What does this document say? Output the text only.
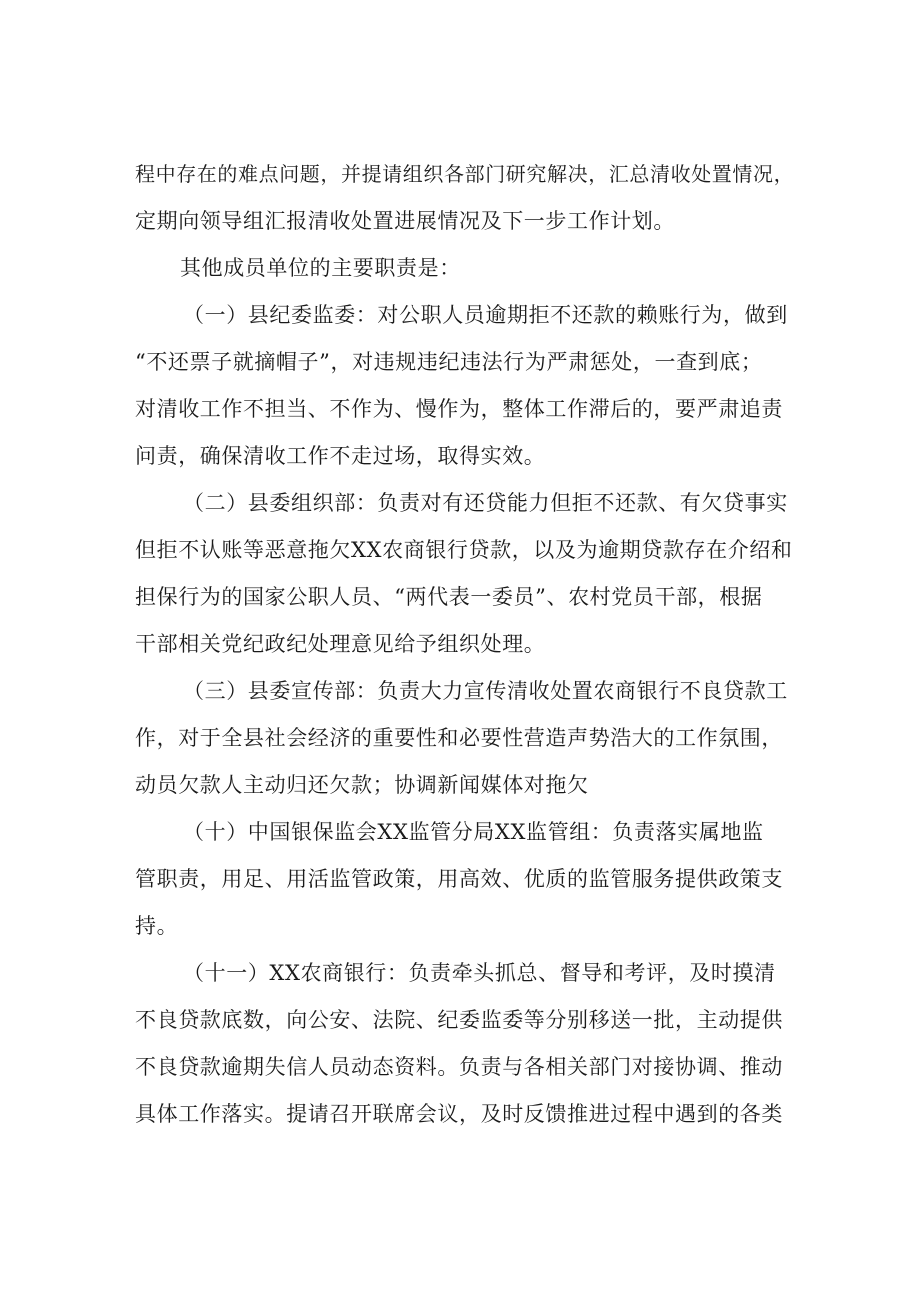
程中存在的难点问题，并提请组织各部门研究解决，汇总清收处置情况，
定期向领导组汇报清收处置进展情况及下一步工作计划。
其他成员单位的主要职责是：
（一）县纪委监委：对公职人员逾期拒不还款的赖账行为，做到
“不还票子就摘帽子”，对违规违纪违法行为严肃惩处，一查到底；
对清收工作不担当、不作为、慢作为，整体工作滞后的，要严肃追责
问责，确保清收工作不走过场，取得实效。
（二）县委组织部：负责对有还贷能力但拒不还款、有欠贷事实
但拒不认账等恶意拖欠XX农商银行贷款，以及为逾期贷款存在介绍和
担保行为的国家公职人员、“两代表一委员”、农村党员干部，根据
干部相关党纪政纪处理意见给予组织处理。
（三）县委宣传部：负责大力宣传清收处置农商银行不良贷款工
作，对于全县社会经济的重要性和必要性营造声势浩大的工作氛围，
动员欠款人主动归还欠款；协调新闻媒体对拖欠
（十）中国银保监会XX监管分局XX监管组：负责落实属地监
管职责，用足、用活监管政策，用高效、优质的监管服务提供政策支
持。
（十一）XX农商银行：负责牵头抓总、督导和考评，及时摸清
不良贷款底数，向公安、法院、纪委监委等分别移送一批，主动提供
不良贷款逾期失信人员动态资料。负责与各相关部门对接协调、推动
具体工作落实。提请召开联席会议，及时反馈推进过程中遇到的各类
